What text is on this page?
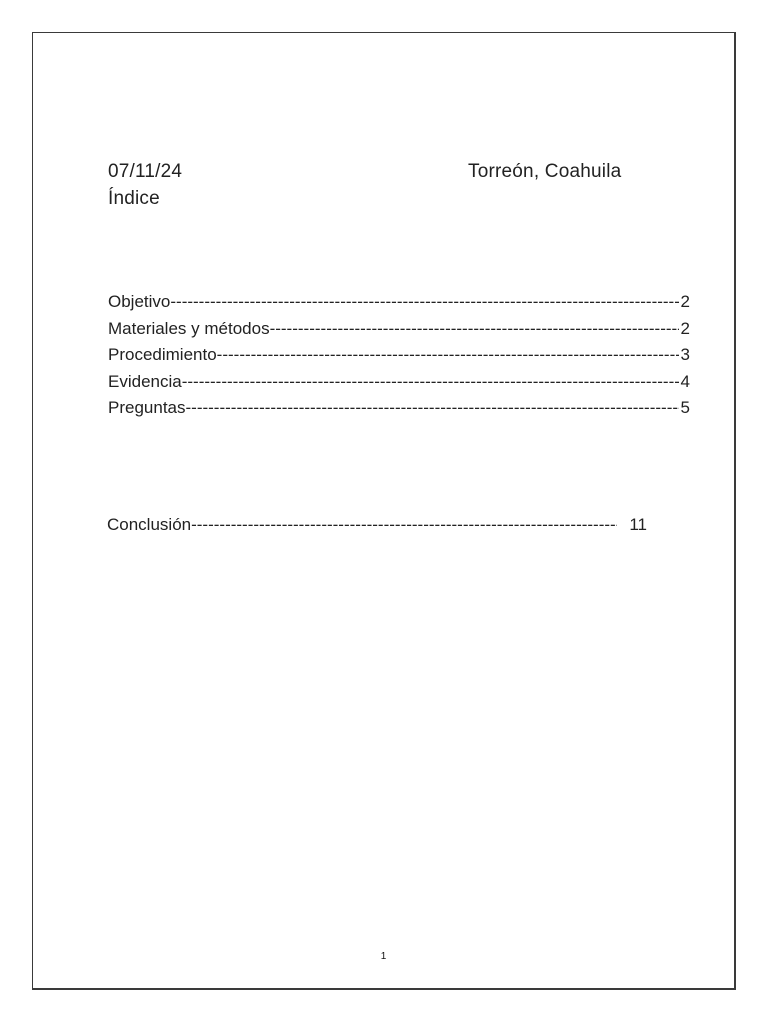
07/11/24	Torreón, Coahuila
Índice
Objetivo -----	2
Materiales y métodos -----	2
Procedimiento -----	3
Evidencia -----	4
Preguntas -----	5
Conclusión -----	11
1
